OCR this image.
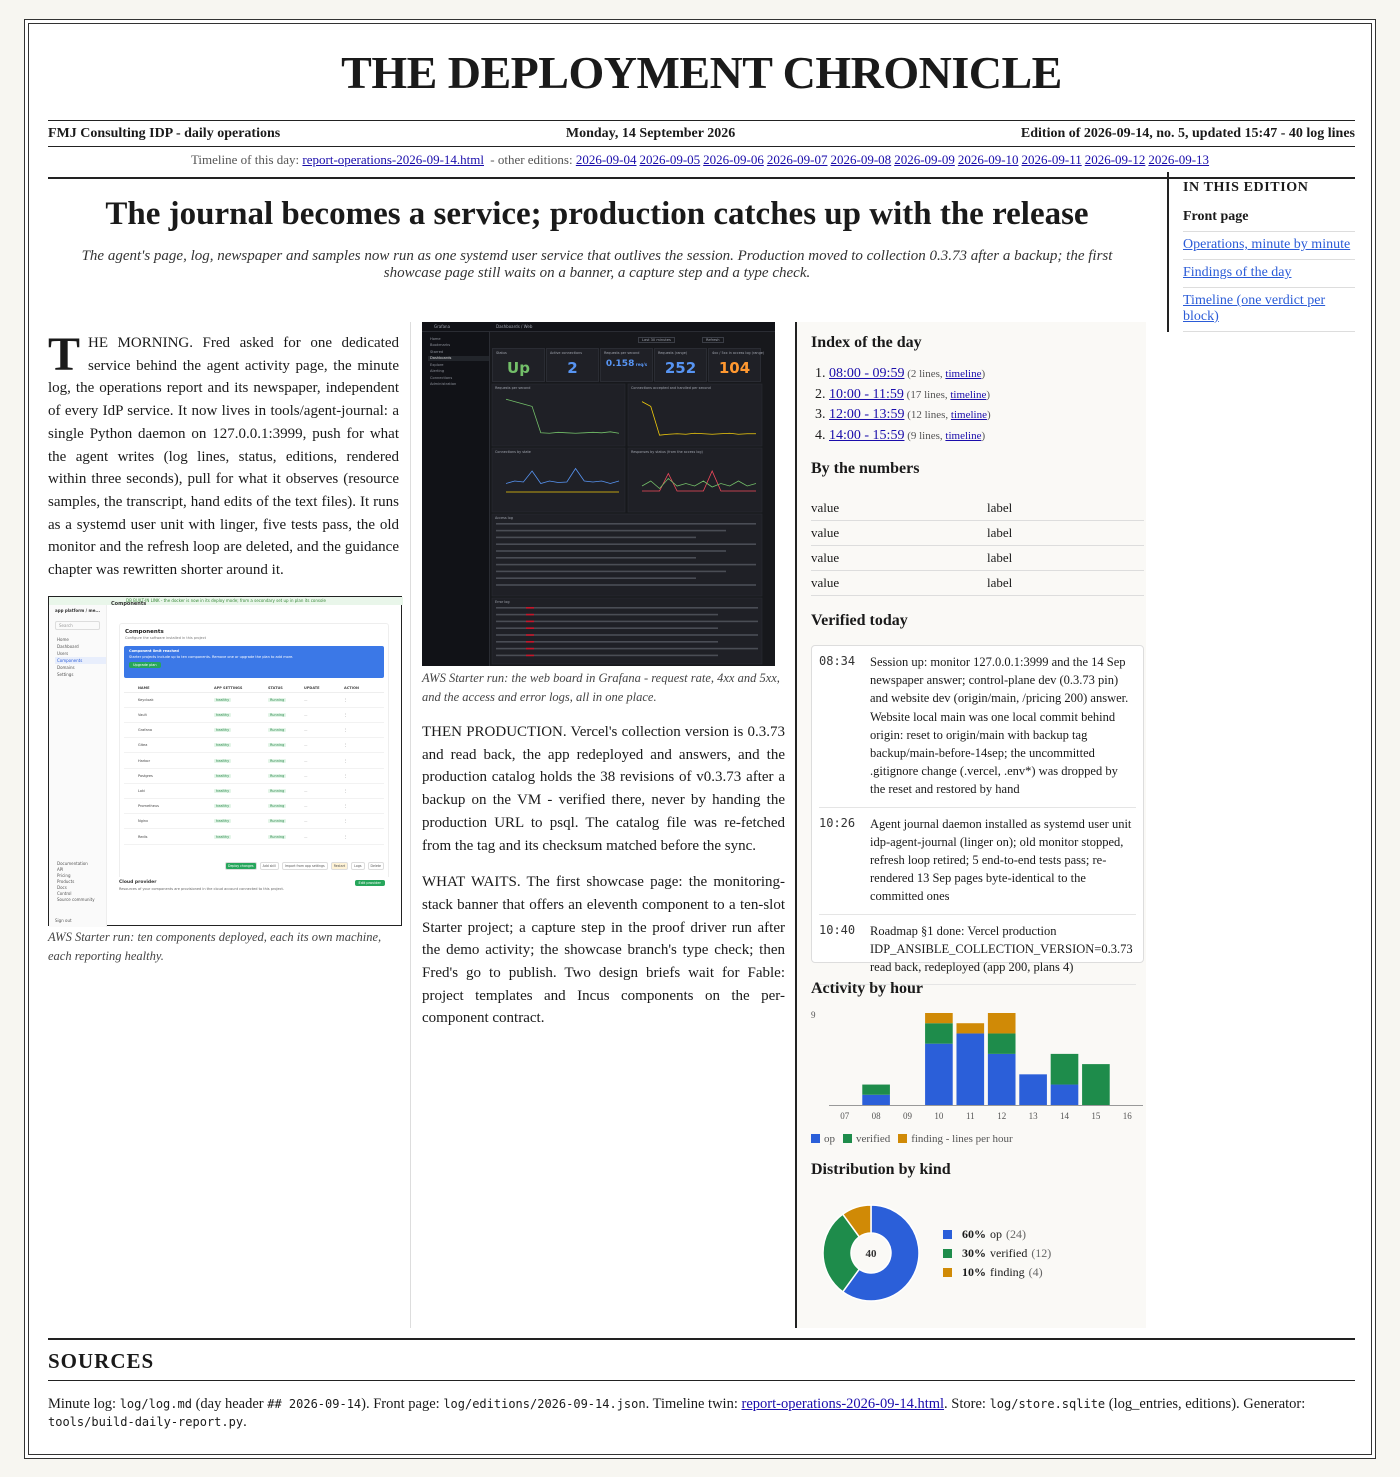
THE DEPLOYMENT CHRONICLE
FMJ Consulting IDP - daily operations	Monday, 14 September 2026	Edition of 2026-09-14, no. 5, updated 15:47 - 40 log lines
Timeline of this day: report-operations-2026-09-14.html - other editions: 2026-09-04 2026-09-05 2026-09-06 2026-09-07 2026-09-08 2026-09-09 2026-09-10 2026-09-11 2026-09-12 2026-09-13
The journal becomes a service; production catches up with the release
The agent's page, log, newspaper and samples now run as one systemd user service that outlives the session. Production moved to collection 0.3.73 after a backup; the first showcase page still waits on a banner, a capture step and a type check.

THE MORNING. Fred asked for one dedicated service behind the agent activity page, the minute log, the operations report and its newspaper, independent of every IdP service. It now lives in tools/agent-journal: a single Python daemon on 127.0.0.1:3999, push for what the agent writes (log lines, status, editions, rendered within three seconds), pull for what it observes (resource samples, the transcript, hand edits of the text files). It runs as a systemd user unit with linger, five tests pass, the old monitor and the refresh loop are deleted, and the guidance chapter was rewritten shorter around it.

DB BUILT-IN LINK - the docker is now in its deploy mode; from a secondary set up in plan its console
app platform / me...
Search
Home
Dashboard
Users
Components
Domains
Settings
Documentation
API
Pricing
Products
Docs
Control
Source community
Sign out
Components
Components
Configure the software installed in this project
Component limit reached
Starter projects include up to ten components. Remove one or upgrade the plan to add more.
Upgrade plan
NAME	APP SETTINGS	STATUS	UPDATE	ACTION
Keycloak	healthy	Running	—	⋮
Vault	healthy	Running	—	⋮
Grafana	healthy	Running	—	⋮
Gitea	healthy	Running	—	⋮
Harbor	healthy	Running	—	⋮
Postgres	healthy	Running	—	⋮
Loki	healthy	Running	—	⋮
Prometheus	healthy	Running	—	⋮
Nginx	healthy	Running	—	⋮
Redis	healthy	Running	—	⋮
Deploy changes	Add skill	Import from app settings	Restart	Logs	Delete
Cloud provider
Resources of your components are provisioned in the cloud account connected to this project.
Edit provider
AWS Starter run: ten components deployed, each its own machine, each reporting healthy.
Grafana	Dashboards / Web
Home
Bookmarks
Starred
Dashboards
Explore
Alerting
Connections
Administration
Last 30 minutes	Refresh
Status
Up
Active connections
2
Requests per second
0.158 req/s
Requests (range)
252
4xx / 5xx in access log (range)
104
Requests per second	Connections accepted and handled per second
Connections by state	Responses by status (from the access log)
Access log
Error log
AWS Starter run: the web board in Grafana - request rate, 4xx and 5xx, and the access and error logs, all in one place.

THEN PRODUCTION. Vercel's collection version is 0.3.73 and read back, the app redeployed and answers, and the production catalog holds the 38 revisions of v0.3.73 after a backup on the VM - verified there, never by handing the production URL to psql. The catalog file was re-fetched from the tag and its checksum matched before the sync.

WHAT WAITS. The first showcase page: the monitoring-stack banner that offers an eleventh component to a ten-slot Starter project; a capture step in the proof driver run after the demo activity; the showcase branch's type check; then Fred's go to publish. Two design briefs wait for Fable: project templates and Incus components on the per-component contract.

Index of the day
1. 08:00 - 09:59 (2 lines, timeline)
2. 10:00 - 11:59 (17 lines, timeline)
3. 12:00 - 13:59 (12 lines, timeline)
4. 14:00 - 15:59 (9 lines, timeline)
By the numbers
value	label
value	label
value	label
value	label
Verified today
08:34	Session up: monitor 127.0.0.1:3999 and the 14 Sep newspaper answer; control-plane dev (0.3.73 pin) and website dev (origin/main, /pricing 200) answer. Website local main was one local commit behind origin: reset to origin/main with backup tag backup/main-before-14sep; the uncommitted .gitignore change (.vercel, .env*) was dropped by the reset and restored by hand
10:26	Agent journal daemon installed as systemd user unit idp-agent-journal (linger on); old monitor stopped, refresh loop retired; 5 end-to-end tests pass; re-rendered 13 Sep pages byte-identical to the committed ones
10:40	Roadmap §1 done: Vercel production IDP_ANSIBLE_COLLECTION_VERSION=0.3.73 read back, redeployed (app 200, plans 4)
Activity by hour
9
07 08 09 10	11	12 13 14 15 16
op	verified	finding - lines per hour
Distribution by kind
40
60% op (24)
30% verified (12)
10% finding (4)
IN THIS EDITION
Front page
Operations, minute by minute
Findings of the day
Timeline (one verdict per block)
SOURCES

Minute log: log/log.md (day header ## 2026-09-14). Front page: log/editions/2026-09-14.json. Timeline twin: report-operations-2026-09-14.html. Store: log/store.sqlite (log_entries, editions). Generator:
tools/build-daily-report.py.
